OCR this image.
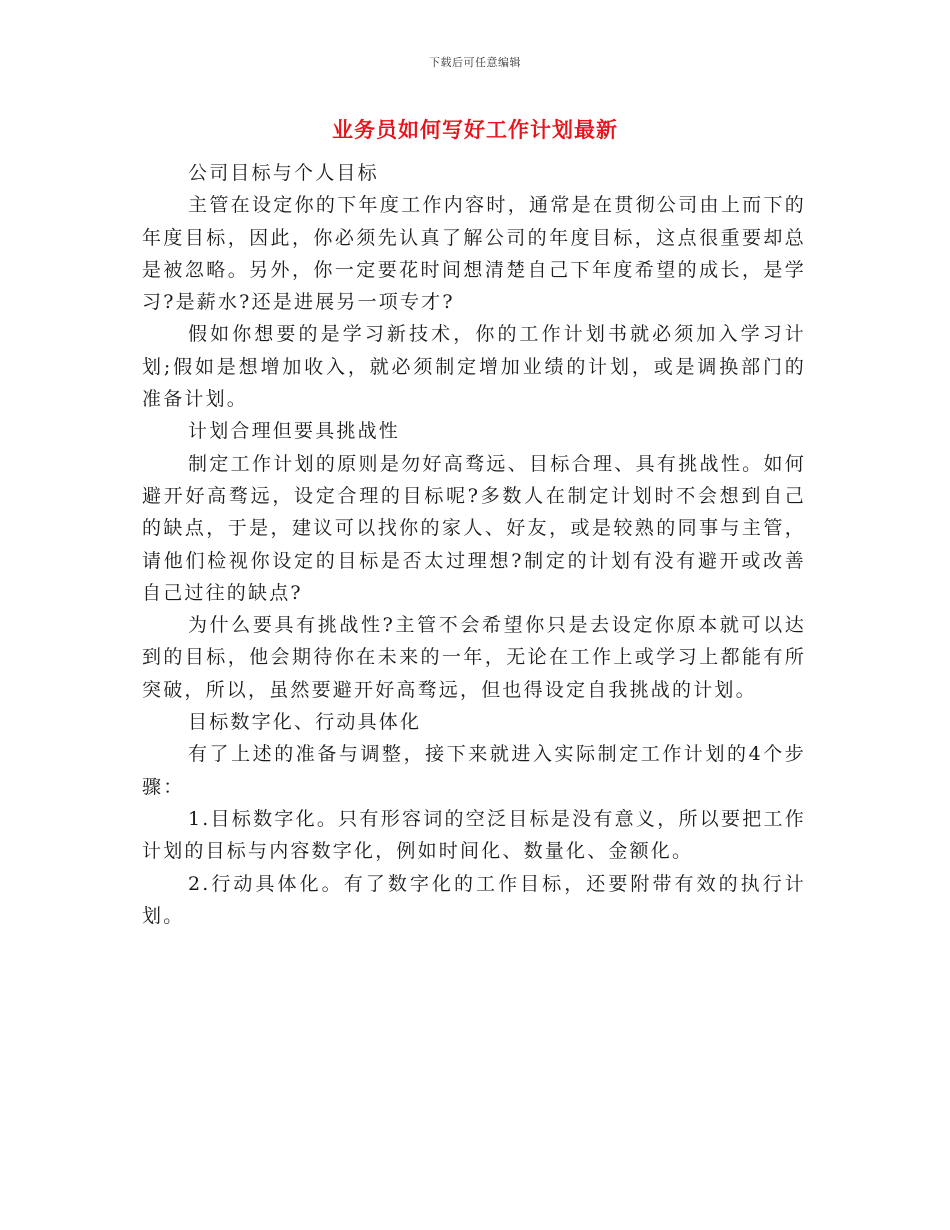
下载后可任意编辑
业务员如何写好工作计划最新

公司目标与个人目标

主管在设定你的下年度工作内容时，通常是在贯彻公司由上而下的年度目标，因此，你必须先认真了解公司的年度目标，这点很重要却总是被忽略。另外，你一定要花时间想清楚自己下年度希望的成长，是学习?是薪水?还是进展另一项专才?

假如你想要的是学习新技术，你的工作计划书就必须加入学习计划;假如是想增加收入，就必须制定增加业绩的计划，或是调换部门的准备计划。

计划合理但要具挑战性

制定工作计划的原则是勿好高骛远、目标合理、具有挑战性。如何避开好高骛远，设定合理的目标呢?多数人在制定计划时不会想到自己的缺点，于是，建议可以找你的家人、好友，或是较熟的同事与主管，请他们检视你设定的目标是否太过理想?制定的计划有没有避开或改善自己过往的缺点?

为什么要具有挑战性?主管不会希望你只是去设定你原本就可以达到的目标，他会期待你在未来的一年，无论在工作上或学习上都能有所突破，所以，虽然要避开好高骛远，但也得设定自我挑战的计划。

目标数字化、行动具体化

有了上述的准备与调整，接下来就进入实际制定工作计划的4个步骤：

1.目标数字化。只有形容词的空泛目标是没有意义，所以要把工作计划的目标与内容数字化，例如时间化、数量化、金额化。

2.行动具体化。有了数字化的工作目标，还要附带有效的执行计划。
